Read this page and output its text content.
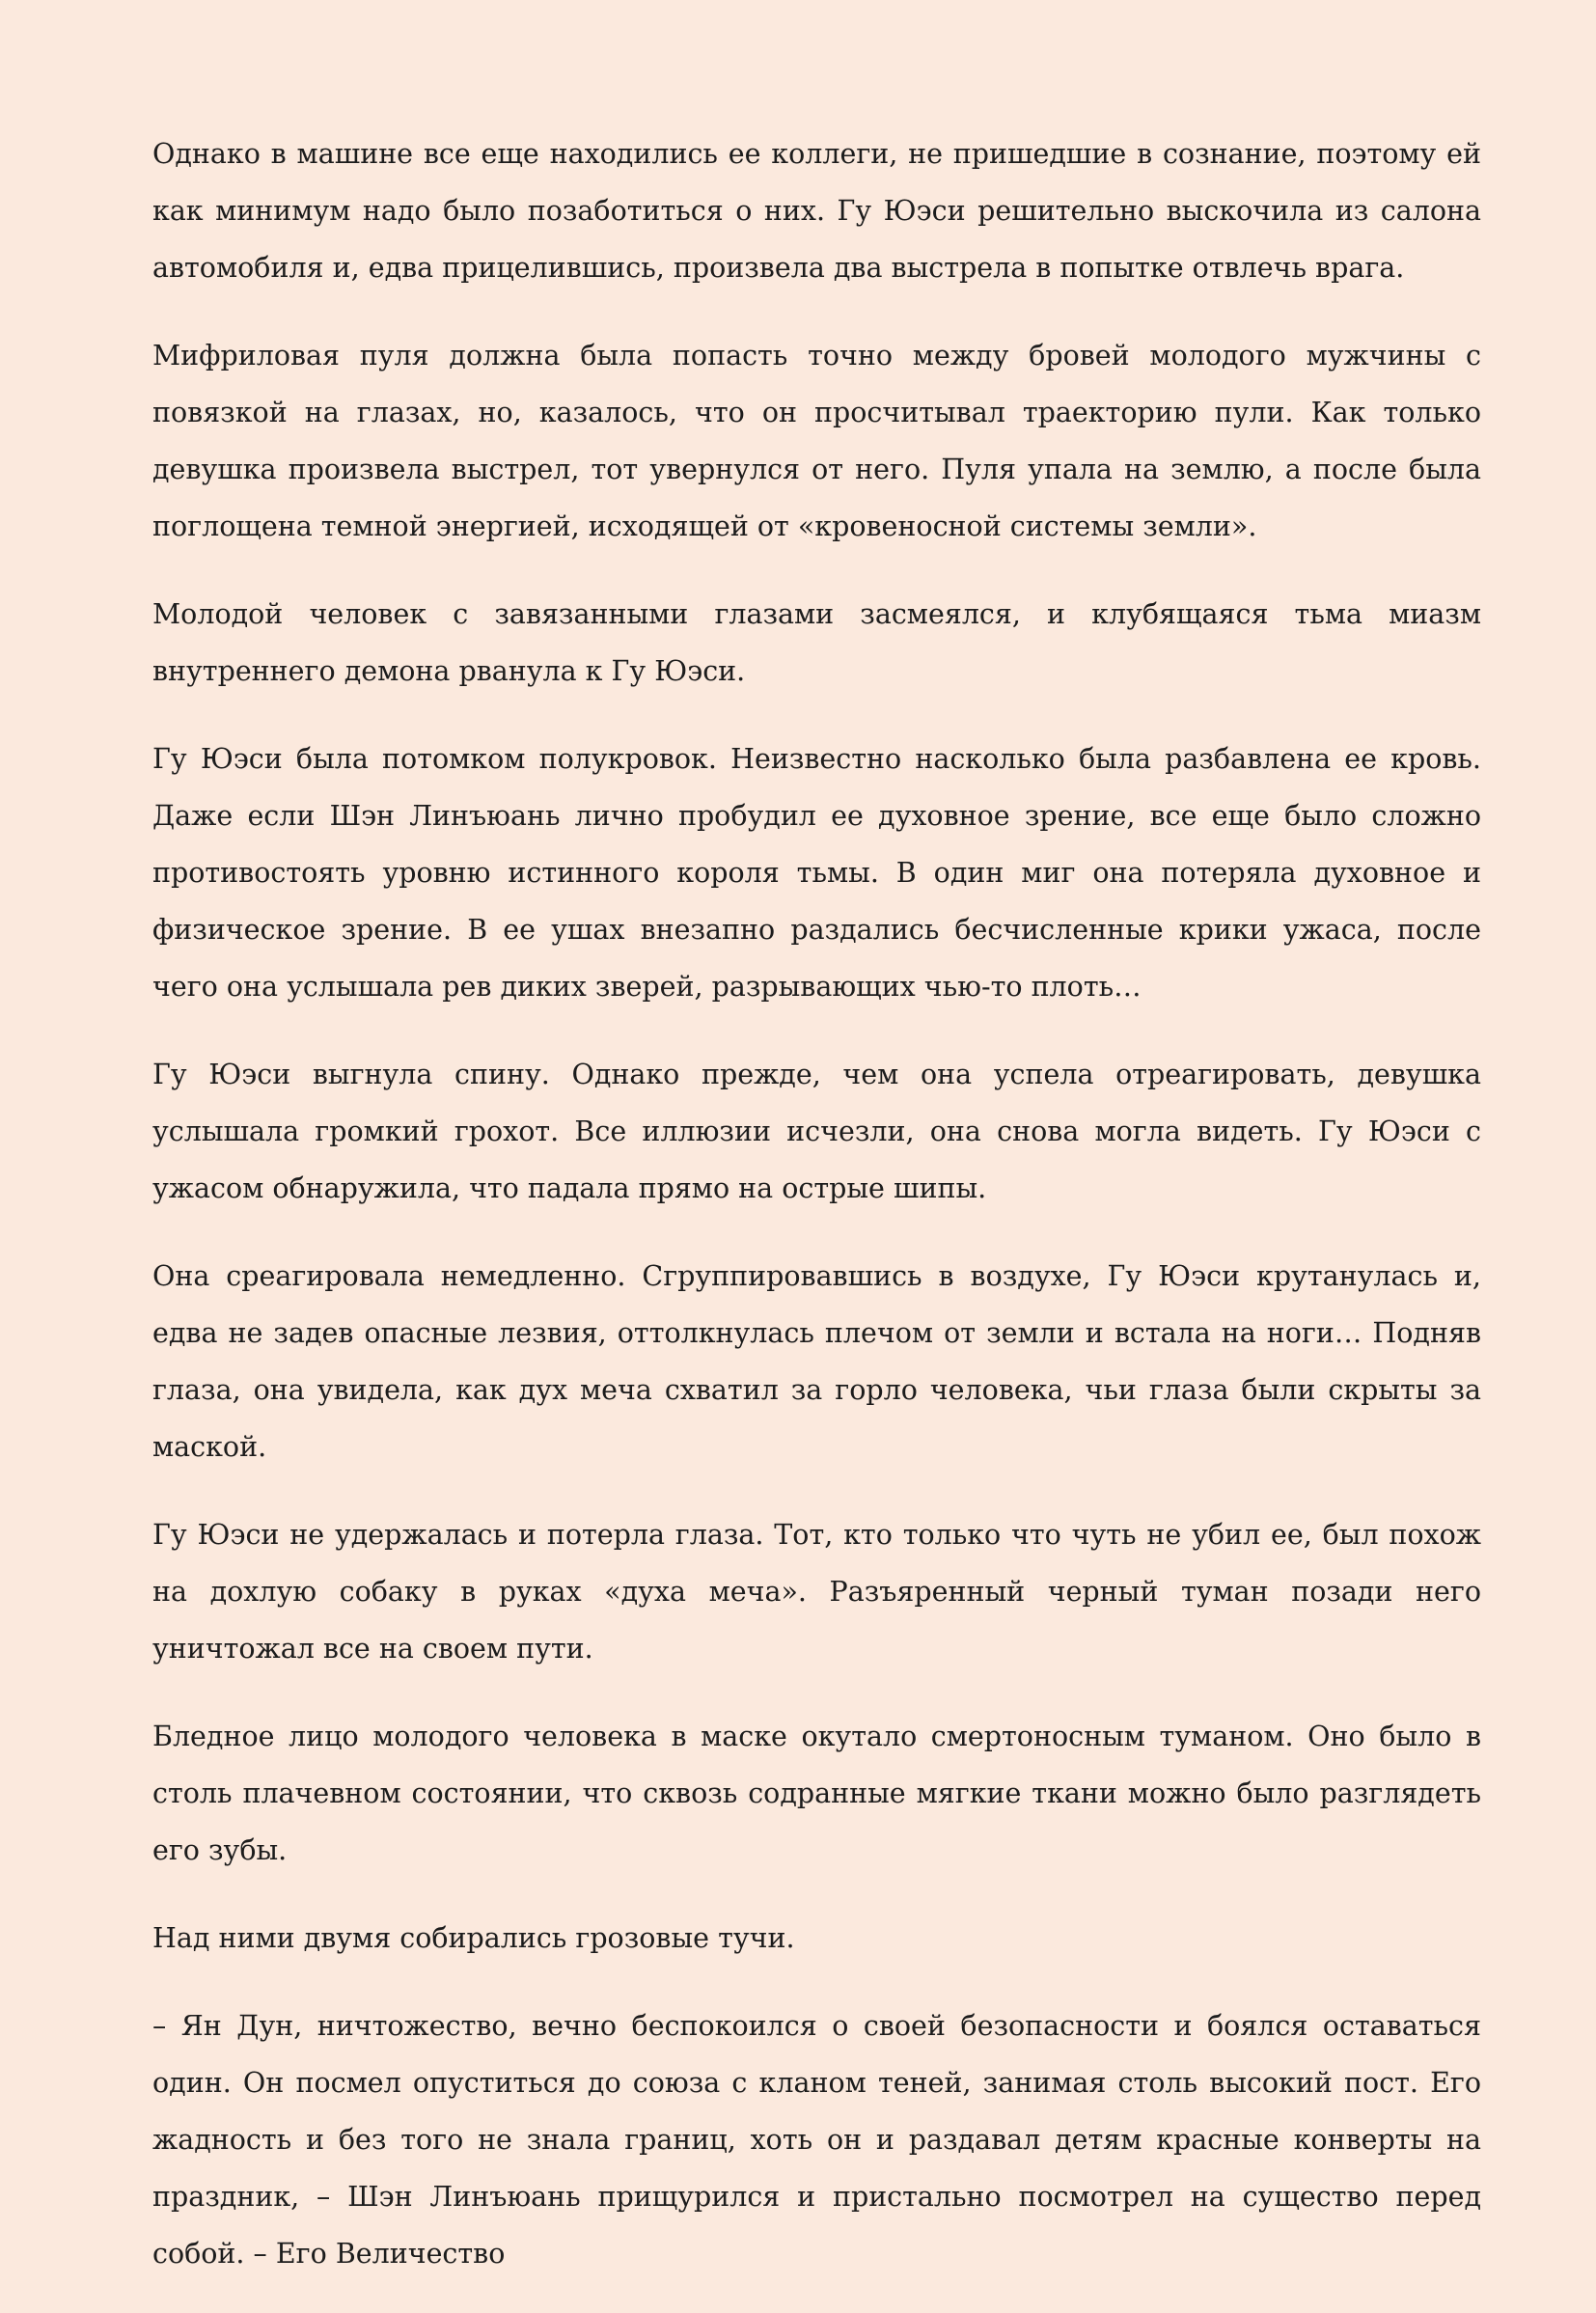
Однако в машине все еще находились ее коллеги, не пришедшие в сознание, поэтому ей как минимум надо было позаботиться о них. Гу Юэси решительно выскочила из салона автомобиля и, едва прицелившись, произвела два выстрела в попытке отвлечь врага.

Мифриловая пуля должна была попасть точно между бровей молодого мужчины с повязкой на глазах, но, казалось, что он просчитывал траекторию пули. Как только девушка произвела выстрел, тот увернулся от него. Пуля упала на землю, а после была поглощена темной энергией, исходящей от «кровеносной системы земли».

Молодой человек с завязанными глазами засмеялся, и клубящаяся тьма миазм внутреннего демона рванула к Гу Юэси.

Гу Юэси была потомком полукровок. Неизвестно насколько была разбавлена ее кровь. Даже если Шэн Линъюань лично пробудил ее духовное зрение, все еще было сложно противостоять уровню истинного короля тьмы. В один миг она потеряла духовное и физическое зрение. В ее ушах внезапно раздались бесчисленные крики ужаса, после чего она услышала рев диких зверей, разрывающих чью-то плоть…

Гу Юэси выгнула спину. Однако прежде, чем она успела отреагировать, девушка услышала громкий грохот. Все иллюзии исчезли, она снова могла видеть. Гу Юэси с ужасом обнаружила, что падала прямо на острые шипы.

Она среагировала немедленно. Сгруппировавшись в воздухе, Гу Юэси крутанулась и, едва не задев опасные лезвия, оттолкнулась плечом от земли и встала на ноги… Подняв глаза, она увидела, как дух меча схватил за горло человека, чьи глаза были скрыты за маской.

Гу Юэси не удержалась и потерла глаза. Тот, кто только что чуть не убил ее, был похож на дохлую собаку в руках «духа меча». Разъяренный черный туман позади него уничтожал все на своем пути.

Бледное лицо молодого человека в маске окутало смертоносным туманом. Оно было в столь плачевном состоянии, что сквозь содранные мягкие ткани можно было разглядеть его зубы.

Над ними двумя собирались грозовые тучи.

– Ян Дун, ничтожество, вечно беспокоился о своей безопасности и боялся оставаться один. Он посмел опуститься до союза с кланом теней, занимая столь высокий пост. Его жадность и без того не знала границ, хоть он и раздавал детям красные конверты на праздник, – Шэн Линъюань прищурился и пристально посмотрел на существо перед собой. – Его Величество
